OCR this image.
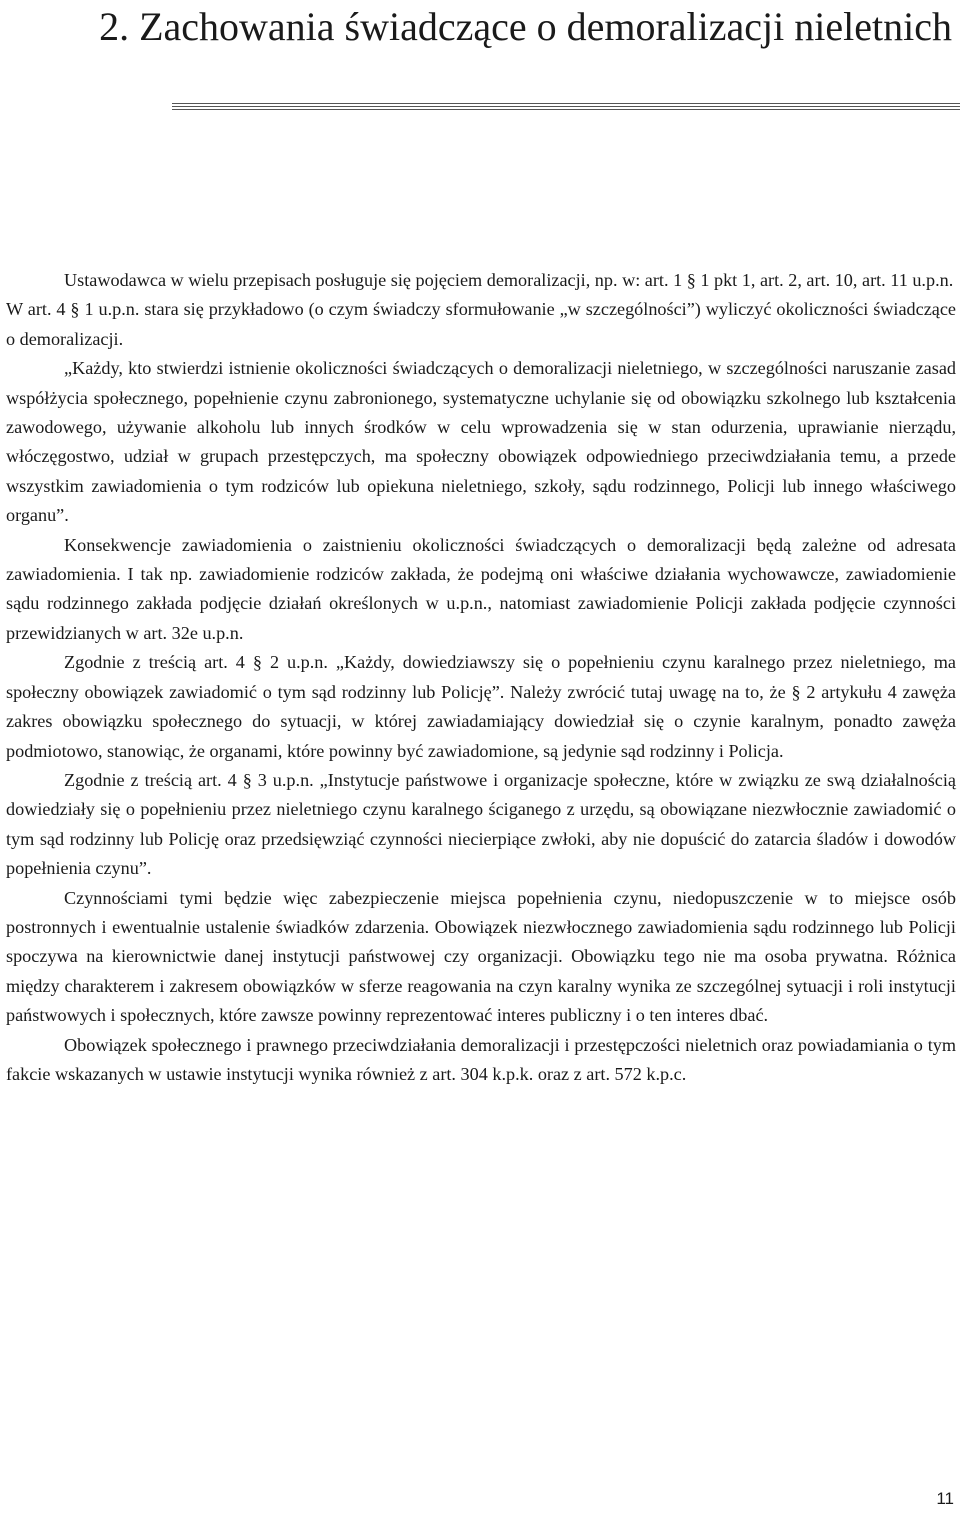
2. Zachowania świadczące o demoralizacji nieletnich

Ustawodawca w wielu przepisach posługuje się pojęciem demoralizacji, np. w: art. 1 § 1 pkt 1, art. 2, art. 10, art. 11 u.p.n.

W art. 4 § 1 u.p.n. stara się przykładowo (o czym świadczy sformułowanie „w szczególności”) wyliczyć okoliczności świadczące o demoralizacji.

„Każdy, kto stwierdzi istnienie okoliczności świadczących o demoralizacji nieletniego, w szczególności naruszanie zasad współżycia społecznego, popełnienie czynu zabronionego, systematyczne uchylanie się od obowiązku szkolnego lub kształcenia zawodowego, używanie alkoholu lub innych środków w celu wprowadzenia się w stan odurzenia, uprawianie nierządu, włóczęgostwo, udział w grupach przestępczych, ma społeczny obowiązek odpowiedniego przeciwdziałania temu, a przede wszystkim zawiadomienia o tym rodziców lub opiekuna nieletniego, szkoły, sądu rodzinnego, Policji lub innego właściwego organu”.

Konsekwencje zawiadomienia o zaistnieniu okoliczności świadczących o demoralizacji będą zależne od adresata zawiadomienia. I tak np. zawiadomienie rodziców zakłada, że podejmą oni właściwe działania wychowawcze, zawiadomienie sądu rodzinnego zakłada podjęcie działań określonych w u.p.n., natomiast zawiadomienie Policji zakłada podjęcie czynności przewidzianych w art. 32e u.p.n.

Zgodnie z treścią art. 4 § 2 u.p.n. „Każdy, dowiedziawszy się o popełnieniu czynu karalnego przez nieletniego, ma społeczny obowiązek zawiadomić o tym sąd rodzinny lub Policję”. Należy zwrócić tutaj uwagę na to, że § 2 artykułu 4 zawęża zakres obowiązku społecznego do sytuacji, w której zawiadamiający dowiedział się o czynie karalnym, ponadto zawęża podmiotowo, stanowiąc, że organami, które powinny być zawiadomione, są jedynie sąd rodzinny i Policja.

Zgodnie z treścią art. 4 § 3 u.p.n. „Instytucje państwowe i organizacje społeczne, które w związku ze swą działalnością dowiedziały się o popełnieniu przez nieletniego czynu karalnego ściganego z urzędu, są obowiązane niezwłocznie zawiadomić o tym sąd rodzinny lub Policję oraz przedsięwziąć czynności niecierpiące zwłoki, aby nie dopuścić do zatarcia śladów i dowodów popełnienia czynu”.

Czynnościami tymi będzie więc zabezpieczenie miejsca popełnienia czynu, niedopuszczenie w to miejsce osób postronnych i ewentualnie ustalenie świadków zdarzenia. Obowiązek niezwłocznego zawiadomienia sądu rodzinnego lub Policji spoczywa na kierownictwie danej instytucji państwowej czy organizacji. Obowiązku tego nie ma osoba prywatna. Różnica między charakterem i zakresem obowiązków w sferze reagowania na czyn karalny wynika ze szczególnej sytuacji i roli instytucji państwowych i społecznych, które zawsze powinny reprezentować interes publiczny i o ten interes dbać.

Obowiązek społecznego i prawnego przeciwdziałania demoralizacji i przestępczości nieletnich oraz powiadamiania o tym fakcie wskazanych w ustawie instytucji wynika również z art. 304 k.p.k. oraz z art. 572 k.p.c.

11
